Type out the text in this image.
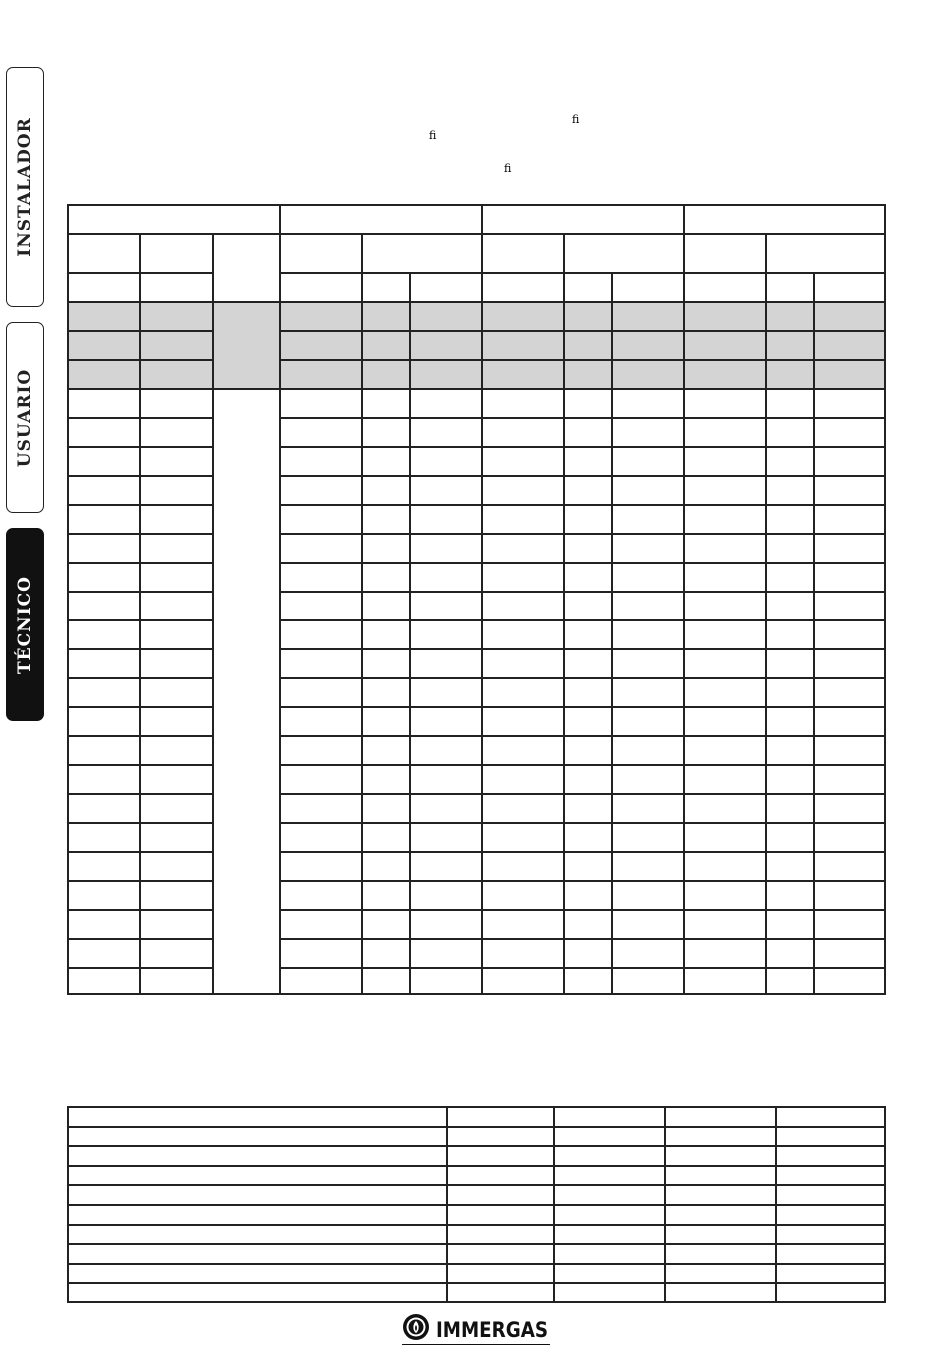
INSTALADOR
USUARIO
TÉCNICO
ﬁ
ﬁ
ﬁ
IMMERGAS
